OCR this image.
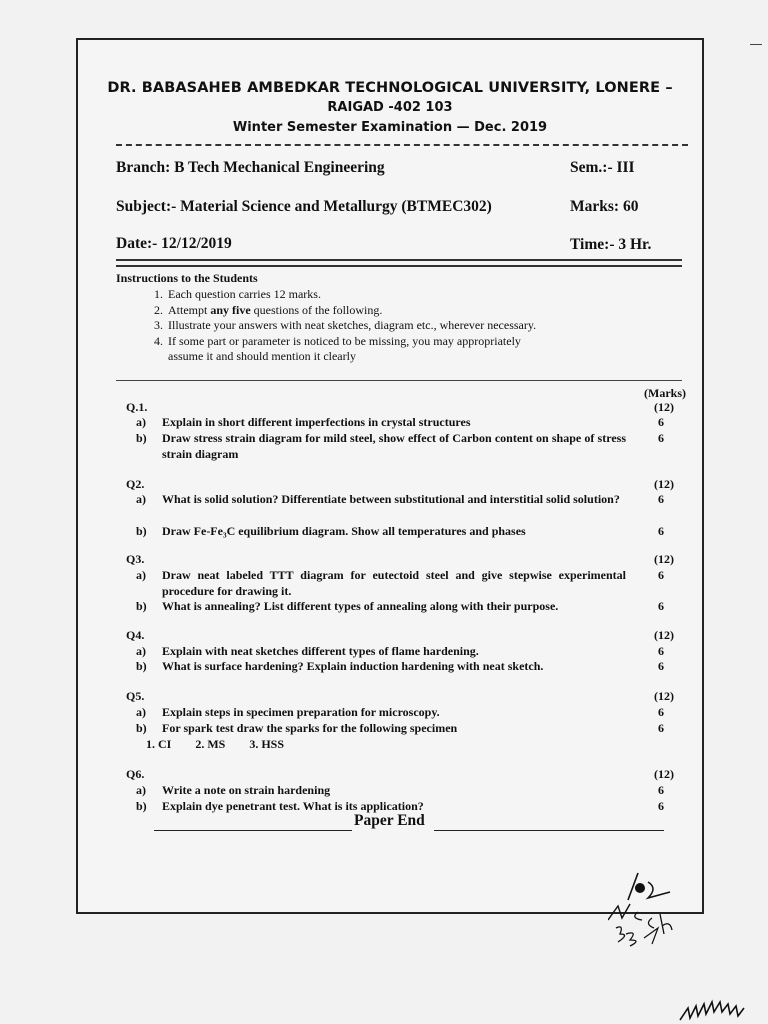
DR. BABASAHEB AMBEDKAR TECHNOLOGICAL UNIVERSITY, LONERE –
RAIGAD -402 103
Winter Semester Examination — Dec. 2019
Branch: B Tech Mechanical Engineering	Sem.:- III
Subject:- Material Science and Metallurgy (BTMEC302)	Marks: 60
Date:- 12/12/2019	Time:- 3 Hr.
Instructions to the Students
1. Each question carries 12 marks.
2. Attempt any five questions of the following.
3. Illustrate your answers with neat sketches, diagram etc., wherever necessary.
4. If some part or parameter is noticed to be missing, you may appropriately
assume it and should mention it clearly
(Marks)
Q.1.	(12)
a) Explain in short different imperfections in crystal structures	6
b) Draw stress strain diagram for mild steel, show effect of Carbon content on shape of stress strain diagram
6
Q2.	(12)
a) What is solid solution? Differentiate between substitutional and interstitial solid solution?	6
b) Draw Fe-Fe₃C equilibrium diagram. Show all temperatures and phases	6
Q3.	(12)
a) Draw neat labeled TTT diagram for eutectoid steel and give stepwise experimental procedure for drawing it.
6
b) What is annealing? List different types of annealing along with their purpose.	6
Q4.	(12)
a) Explain with neat sketches different types of flame hardening.	6
b) What is surface hardening? Explain induction hardening with neat sketch.	6
Q5.	(12)
a) Explain steps in specimen preparation for microscopy.	6
b) For spark test draw the sparks for the following specimen	6
1. CI        2. MS        3. HSS
Q6.	(12)
a) Write a note on strain hardening	6
b) Explain dye penetrant test. What is its application?	6
Paper End
